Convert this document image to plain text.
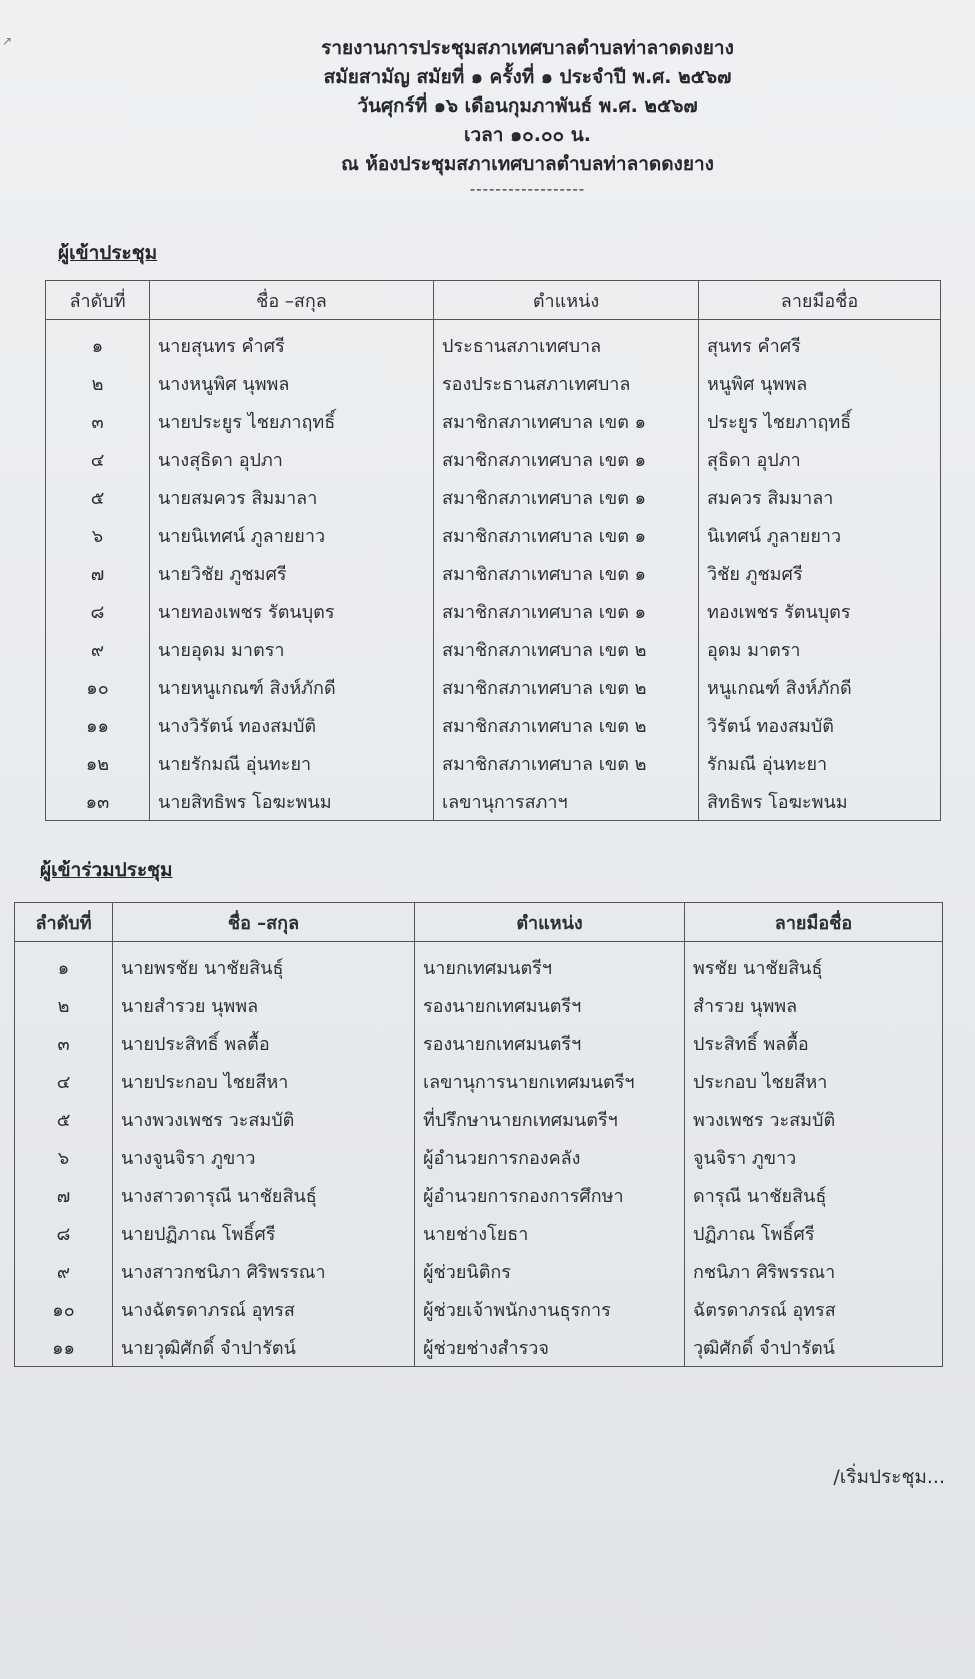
↗	รายงานการประชุมสภาเทศบาลตำบลท่าลาดดงยาง
สมัยสามัญ สมัยที่ ๑ ครั้งที่ ๑ ประจำปี พ.ศ. ๒๕๖๗
วันศุกร์ที่ ๑๖ เดือนกุมภาพันธ์ พ.ศ. ๒๕๖๗
เวลา ๑๐.๐๐ น.
ณ ห้องประชุมสภาเทศบาลตำบลท่าลาดดงยาง
------------------
ผู้เข้าประชุม
ลำดับที่	ชื่อ –สกุล	ตำแหน่ง	ลายมือชื่อ
๑	นายสุนทร คำศรี	ประธานสภาเทศบาล	สุนทร คำศรี
๒	นางหนูพิศ นุพพล	รองประธานสภาเทศบาล	หนูพิศ นุพพล
๓	นายประยูร ไชยภาฤทธิ์	สมาชิกสภาเทศบาล เขต ๑	ประยูร ไชยภาฤทธิ์
๔	นางสุธิดา อุปภา	สมาชิกสภาเทศบาล เขต ๑	สุธิดา อุปภา
๕	นายสมควร สิมมาลา	สมาชิกสภาเทศบาล เขต ๑	สมควร สิมมาลา
๖	นายนิเทศน์ ภูลายยาว	สมาชิกสภาเทศบาล เขต ๑	นิเทศน์ ภูลายยาว
๗	นายวิชัย ภูชมศรี	สมาชิกสภาเทศบาล เขต ๑	วิชัย ภูชมศรี
๘	นายทองเพชร รัตนบุตร	สมาชิกสภาเทศบาล เขต ๑	ทองเพชร รัตนบุตร
๙	นายอุดม มาตรา	สมาชิกสภาเทศบาล เขต ๒	อุดม มาตรา
๑๐	นายหนูเกณฑ์ สิงห์ภักดี	สมาชิกสภาเทศบาล เขต ๒	หนูเกณฑ์ สิงห์ภักดี
๑๑	นางวิรัตน์ ทองสมบัติ	สมาชิกสภาเทศบาล เขต ๒	วิรัตน์ ทองสมบัติ
๑๒	นายรักมณี อุ่นทะยา	สมาชิกสภาเทศบาล เขต ๒	รักมณี อุ่นทะยา
๑๓	นายสิทธิพร โอฆะพนม	เลขานุการสภาฯ	สิทธิพร โอฆะพนม
ผู้เข้าร่วมประชุม
ลำดับที่	ชื่อ –สกุล	ตำแหน่ง	ลายมือชื่อ
๑	นายพรชัย นาชัยสินธุ์	นายกเทศมนตรีฯ	พรชัย นาชัยสินธุ์
๒	นายสำรวย นุพพล	รองนายกเทศมนตรีฯ	สำรวย นุพพล
๓	นายประสิทธิ์ พลตื้อ	รองนายกเทศมนตรีฯ	ประสิทธิ์ พลตื้อ
๔	นายประกอบ ไชยสีหา	เลขานุการนายกเทศมนตรีฯ	ประกอบ ไชยสีหา
๕	นางพวงเพชร วะสมบัติ	ที่ปรึกษานายกเทศมนตรีฯ	พวงเพชร วะสมบัติ
๖	นางจูนจิรา ภูขาว	ผู้อำนวยการกองคลัง	จูนจิรา ภูขาว
๗	นางสาวดารุณี นาชัยสินธุ์	ผู้อำนวยการกองการศึกษา	ดารุณี นาชัยสินธุ์
๘	นายปฏิภาณ โพธิ์ศรี	นายช่างโยธา	ปฏิภาณ โพธิ์ศรี
๙	นางสาวกชนิภา ศิริพรรณา	ผู้ช่วยนิติกร	กชนิภา ศิริพรรณา
๑๐	นางฉัตรดาภรณ์ อุทรส	ผู้ช่วยเจ้าพนักงานธุรการ	ฉัตรดาภรณ์ อุทรส
๑๑	นายวุฒิศักดิ์ จำปารัตน์	ผู้ช่วยช่างสำรวจ	วุฒิศักดิ์ จำปารัตน์
/เริ่มประชุม...
